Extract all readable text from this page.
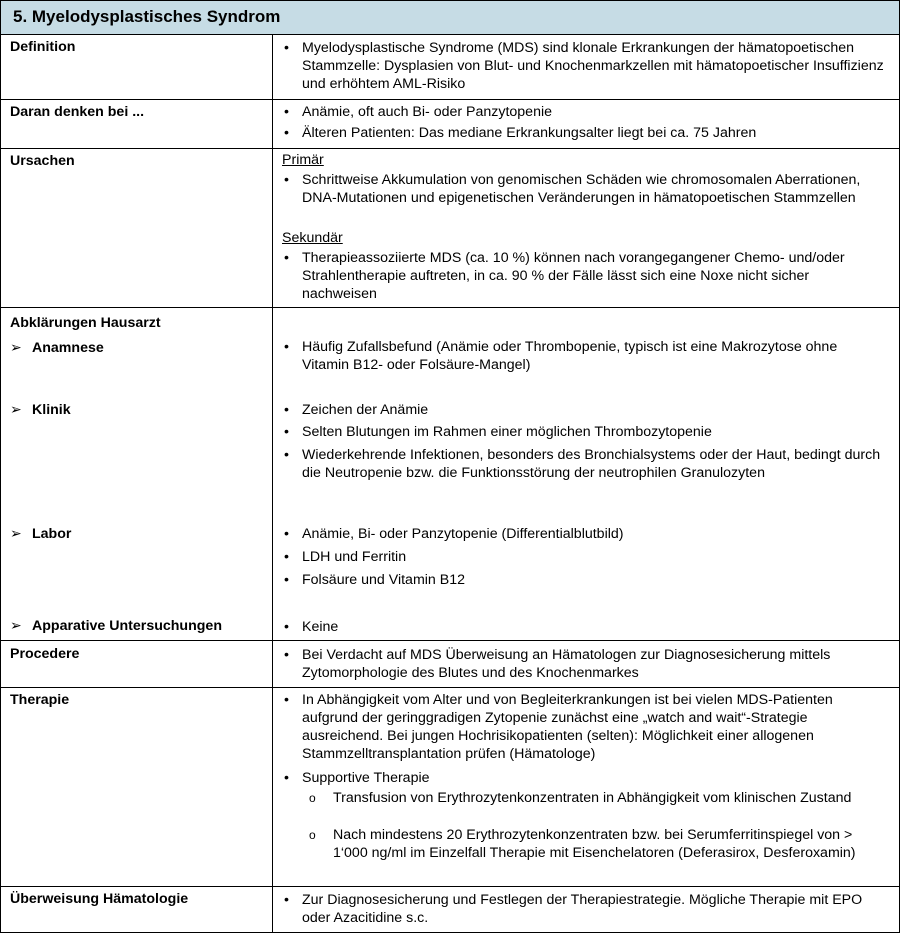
5. Myelodysplastisches Syndrom
Definition	• Myelodysplastische Syndrome (MDS) sind klonale Erkrankungen der hämatopoetischen Stammzelle: Dysplasien von Blut- und Knochenmarkzellen mit hämatopoetischer Insuffizienz und erhöhtem AML-Risiko
Daran denken bei ...	• Anämie, oft auch Bi- oder Panzytopenie
• Älteren Patienten: Das mediane Erkrankungsalter liegt bei ca. 75 Jahren
Ursachen	Primär
• Schrittweise Akkumulation von genomischen Schäden wie chromosomalen Aberrationen, DNA-Mutationen und epigenetischen Veränderungen in hämatopoetischen Stammzellen
Sekundär
• Therapieassoziierte MDS (ca. 10 %) können nach vorangegangener Chemo- und/oder Strahlentherapie auftreten, in ca. 90 % der Fälle lässt sich eine Noxe nicht sicher nachweisen
Abklärungen Hausarzt
➢ Anamnese	• Häufig Zufallsbefund (Anämie oder Thrombopenie, typisch ist eine Makrozytose ohne Vitamin B12- oder Folsäure-Mangel)
➢ Klinik	• Zeichen der Anämie
• Selten Blutungen im Rahmen einer möglichen Thrombozytopenie
• Wiederkehrende Infektionen, besonders des Bronchialsystems oder der Haut, bedingt durch die Neutropenie bzw. die Funktionsstörung der neutrophilen Granulozyten
➢ Labor	• Anämie, Bi- oder Panzytopenie (Differentialblutbild)
• LDH und Ferritin
• Folsäure und Vitamin B12
➢ Apparative Untersuchungen	• Keine
Procedere	• Bei Verdacht auf MDS Überweisung an Hämatologen zur Diagnosesicherung mittels Zytomorphologie des Blutes und des Knochenmarkes
Therapie	• In Abhängigkeit vom Alter und von Begleiterkrankungen ist bei vielen MDS-Patienten aufgrund der geringgradigen Zytopenie zunächst eine „watch and wait“-Strategie ausreichend. Bei jungen Hochrisikopatienten (selten): Möglichkeit einer allogenen Stammzelltransplantation prüfen (Hämatologe)
• Supportive Therapie
o Transfusion von Erythrozytenkonzentraten in Abhängigkeit vom klinischen Zustand
o Nach mindestens 20 Erythrozytenkonzentraten bzw. bei Serumferritinspiegel von > 1‘000 ng/ml im Einzelfall Therapie mit Eisenchelatoren (Deferasirox, Desferoxamin)
Überweisung Hämatologie	• Zur Diagnosesicherung und Festlegen der Therapiestrategie. Mögliche Therapie mit EPO oder Azacitidine s.c.
